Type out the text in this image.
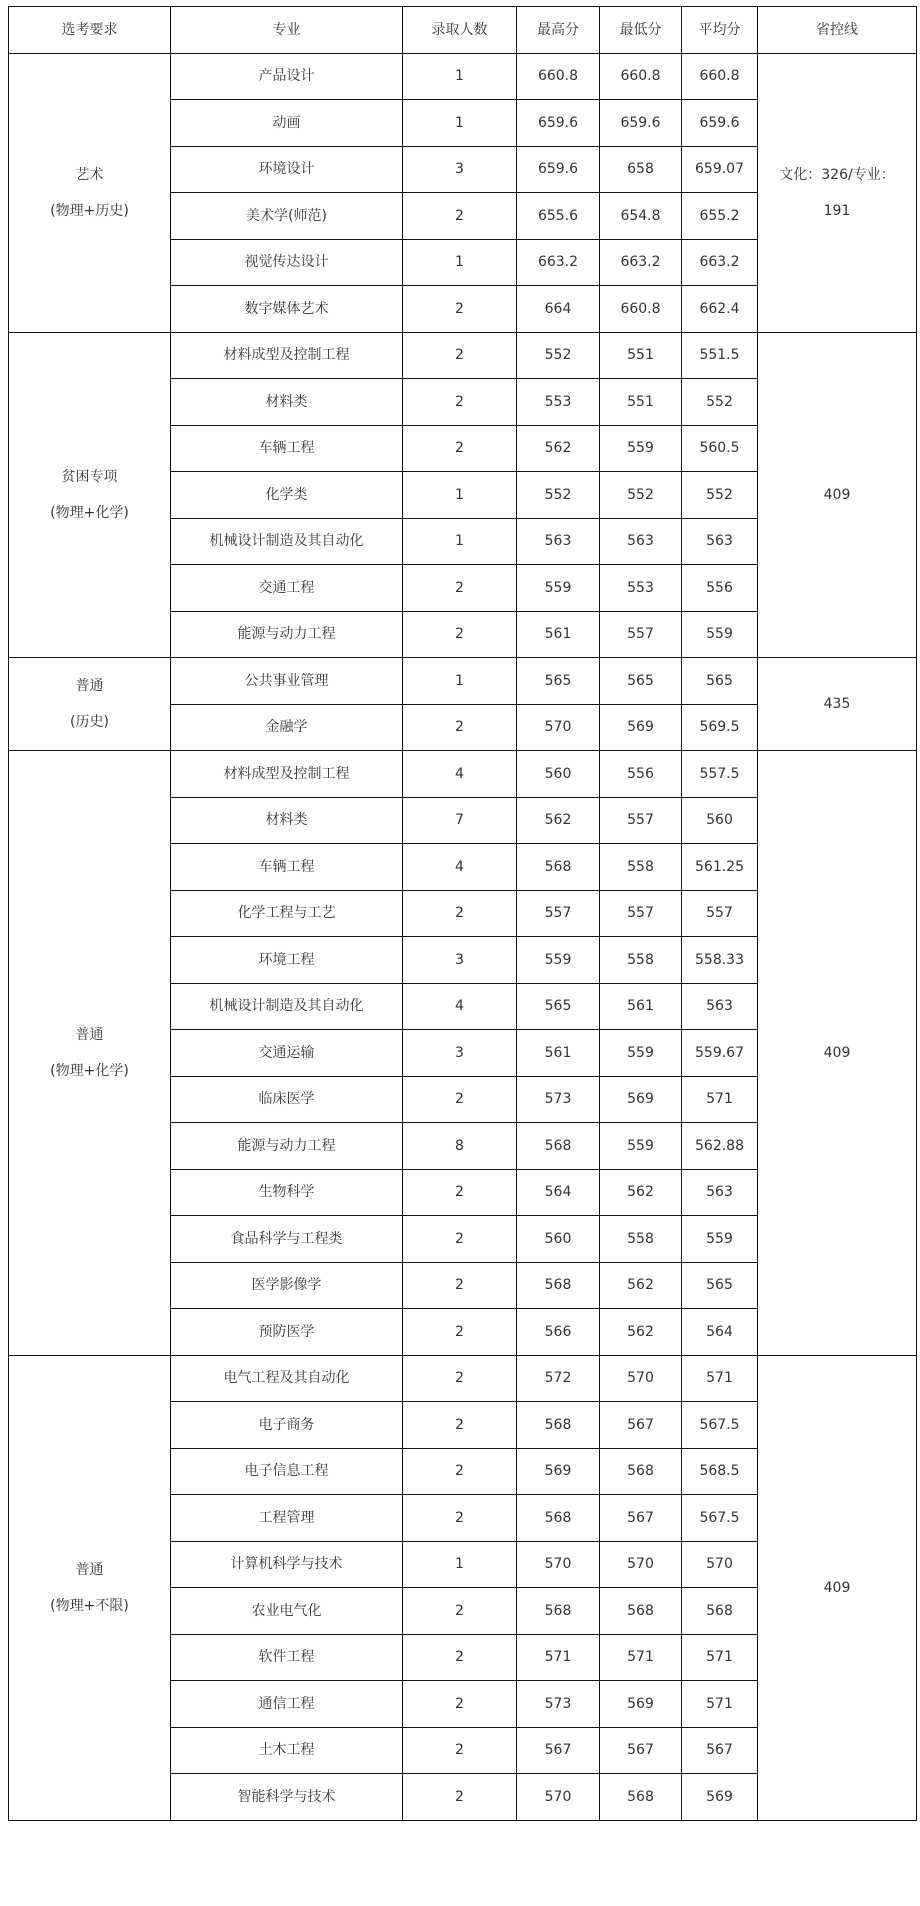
选考要求	专业	录取人数	最高分	最低分	平均分	省控线

艺术
(物理+历史)	产品设计	1	660.8	660.8	660.8	文化：326/专业：191
	动画	1	659.6	659.6	659.6	
	环境设计	3	659.6	658	659.07	
	美术学(师范)	2	655.6	654.8	655.2	
	视觉传达设计	1	663.2	663.2	663.2	
	数字媒体艺术	2	664	660.8	662.4	

贫困专项
(物理+化学)	材料成型及控制工程	2	552	551	551.5	409
	材料类	2	553	551	552	
	车辆工程	2	562	559	560.5	
	化学类	1	552	552	552	
	机械设计制造及其自动化	1	563	563	563	
	交通工程	2	559	553	556	
	能源与动力工程	2	561	557	559	

普通
(历史)	公共事业管理	1	565	565	565	435
	金融学	2	570	569	569.5	

普通
(物理+化学)	材料成型及控制工程	4	560	556	557.5	409
	材料类	7	562	557	560	
	车辆工程	4	568	558	561.25	
	化学工程与工艺	2	557	557	557	
	环境工程	3	559	558	558.33	
	机械设计制造及其自动化	4	565	561	563	
	交通运输	3	561	559	559.67	
	临床医学	2	573	569	571	
	能源与动力工程	8	568	559	562.88	
	生物科学	2	564	562	563	
	食品科学与工程类	2	560	558	559	
	医学影像学	2	568	562	565	
	预防医学	2	566	562	564	

普通
(物理+不限)	电气工程及其自动化	2	572	570	571	409
	电子商务	2	568	567	567.5	
	电子信息工程	2	569	568	568.5	
	工程管理	2	568	567	567.5	
	计算机科学与技术	1	570	570	570	
	农业电气化	2	568	568	568	
	软件工程	2	571	571	571	
	通信工程	2	573	569	571	
	土木工程	2	567	567	567	
	智能科学与技术	2	570	568	569	
